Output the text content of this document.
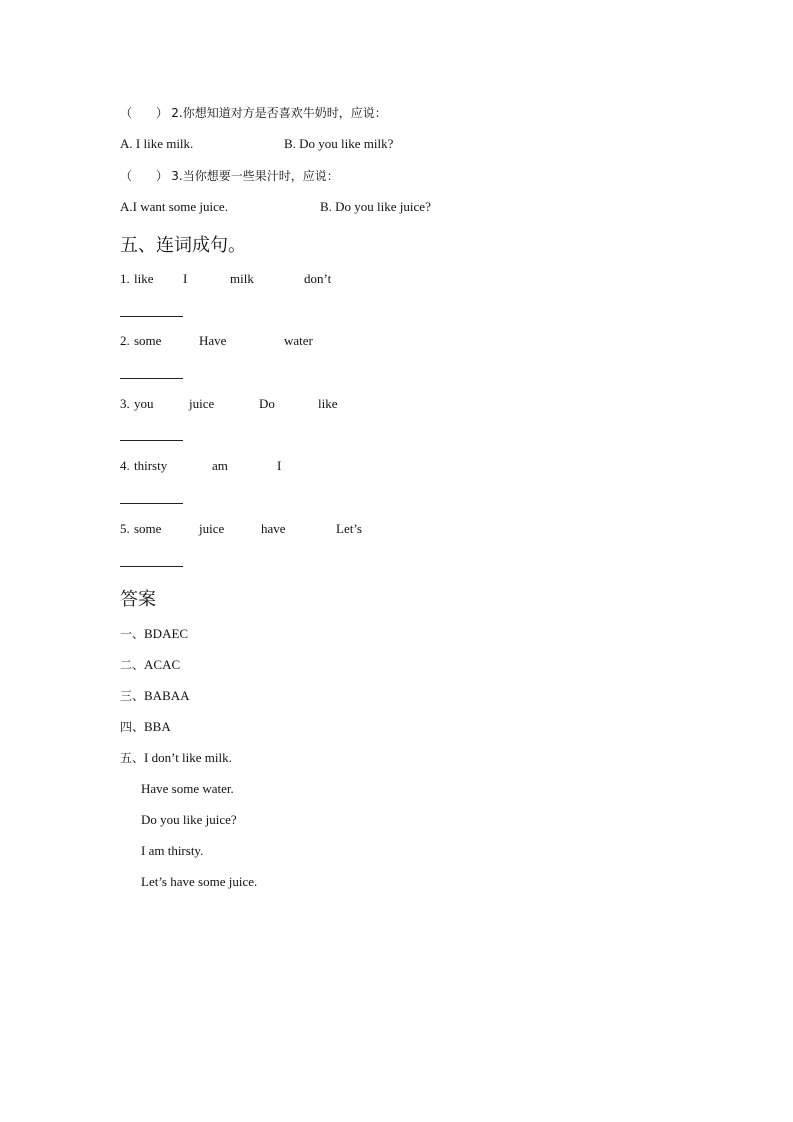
（　　） 2.你想知道对方是否喜欢牛奶时，应说：
A. I like milk.	B. Do you like milk?
（　　） 3.当你想要一些果汁时，应说：
A.I want some juice.	B. Do you like juice?
五、连词成句。
1. like I	milk	don’t
2. some	Have	water
3. you	juice	Do	like
4. thirsty	am	I
5. some	juice	have	Let’s
答案
一、BDAEC
二、ACAC
三、BABAA
四、BBA
五、I don’t like milk.
Have some water.
Do you like juice?
I am thirsty.
Let’s have some juice.
